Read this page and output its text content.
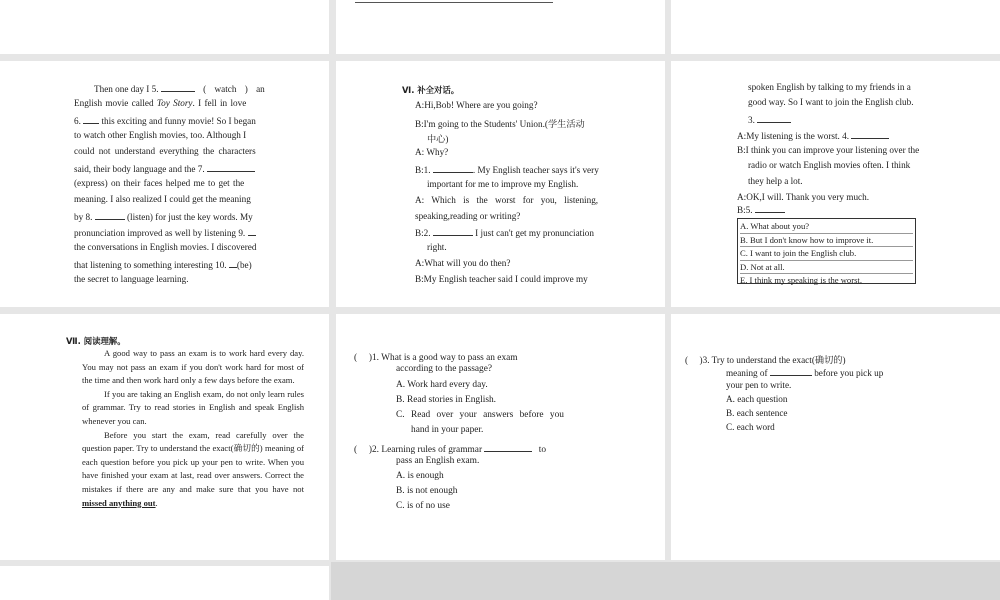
Then one day I 5.	( watch ) an
English movie called Toy Story. I fell in love
6. this exciting and funny movie! So I began
to watch other English movies, too. Although I
could not understand everything the characters
said, their body language and the 7.
(express) on their faces helped me to get the
meaning. I also realized I could get the meaning
by 8.	(listen) for just the key words. My
pronunciation improved as well by listening 9.
the conversations in English movies. I discovered
that listening to something interesting 10. (be)
the secret to language learning.
Ⅵ. 补全对话。
A:Hi,Bob! Where are you going?
B:I'm going to the Students' Union.(学生活动
中心)
A: Why?
B:1.	. My English teacher says it's very
important for me to improve my English.
A: Which is the worst for you, listening,
speaking,reading or writing?
B:2.	I just can't get my pronunciation
right.
A:What will you do then?
B:My English teacher said I could improve my
spoken English by talking to my friends in a
good way. So I want to join the English club.
3.
A:My listening is the worst. 4.
B:I think you can improve your listening over the
radio or watch English movies often. I think
they help a lot.
A:OK,I will. Thank you very much.
B:5.
A. What about you?
B. But I don't know how to improve it.
C. I want to join the English club.
D. Not at all.
E. I think my speaking is the worst.
Ⅶ. 阅读理解。

A good way to pass an exam is to work hard every day. You may not pass an exam if you don't work hard for most of the time and then work hard only a few days before the exam.

If you are taking an English exam, do not only learn rules of grammar. Try to read stories in English and speak English whenever you can.

Before you start the exam, read carefully over the question paper. Try to understand the exact(确切的) meaning of each question before you pick up your pen to write. When you have finished your exam at last, read over answers. Correct the mistakes if there are any and make sure that you have not missed anything out.

(　 )1. What is a good way to pass an exam
according to the passage?
A. Work hard every day.
B. Read stories in English.
C. Read over your answers before you
hand in your paper.
(　 )2. Learning rules of grammar	to
pass an English exam.
A. is enough
B. is not enough
C. is of no use
(　 )3. Try to understand the exact(确切的)
meaning of	before you pick up
your pen to write.
A. each question
B. each sentence
C. each word
